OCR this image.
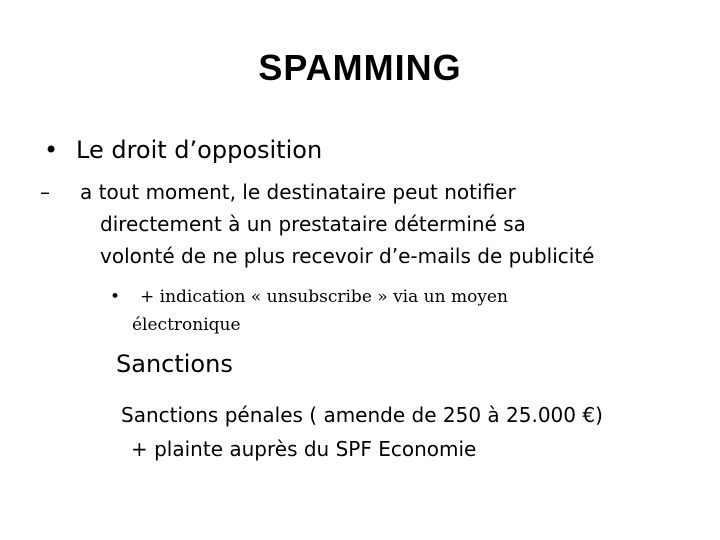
SPAMMING
• Le droit d’opposition
– a tout moment, le destinataire peut notifier
directement à un prestataire déterminé sa
volonté de ne plus recevoir d’e-mails de publicité
• + indication « unsubscribe » via un moyen
électronique
Sanctions
Sanctions pénales ( amende de 250 à 25.000 €)
+ plainte auprès du SPF Economie
